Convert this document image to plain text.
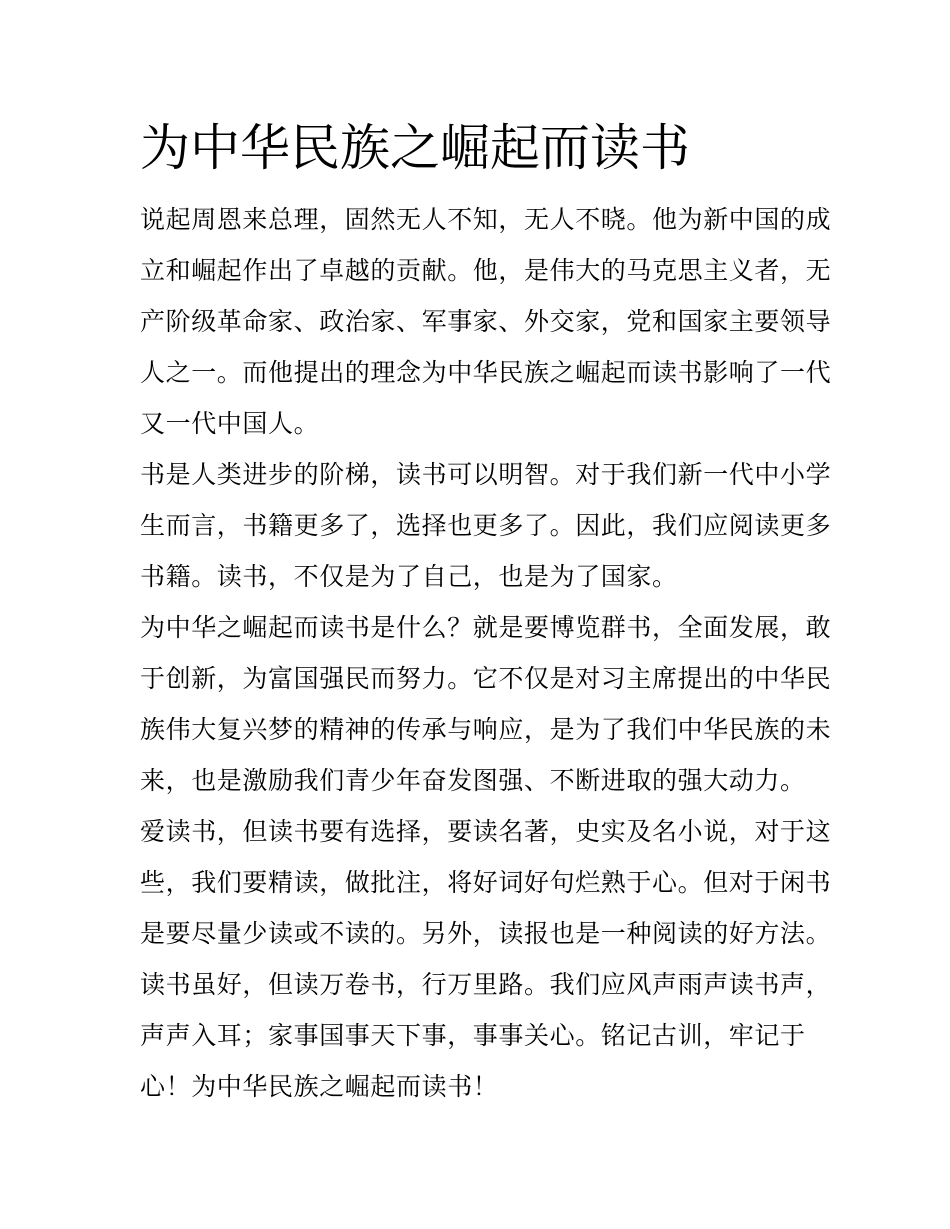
为中华民族之崛起而读书

说起周恩来总理，固然无人不知，无人不晓。他为新中国的成

立和崛起作出了卓越的贡献。他，是伟大的马克思主义者，无

产阶级革命家、政治家、军事家、外交家，党和国家主要领导

人之一。而他提出的理念为中华民族之崛起而读书影响了一代

又一代中国人。

书是人类进步的阶梯，读书可以明智。对于我们新一代中小学

生而言，书籍更多了，选择也更多了。因此，我们应阅读更多

书籍。读书，不仅是为了自己，也是为了国家。

为中华之崛起而读书是什么？就是要博览群书，全面发展，敢

于创新，为富国强民而努力。它不仅是对习主席提出的中华民

族伟大复兴梦的精神的传承与响应，是为了我们中华民族的未

来，也是激励我们青少年奋发图强、不断进取的强大动力。

爱读书，但读书要有选择，要读名著，史实及名小说，对于这

些，我们要精读，做批注，将好词好句烂熟于心。但对于闲书

是要尽量少读或不读的。另外，读报也是一种阅读的好方法。

读书虽好，但读万卷书，行万里路。我们应风声雨声读书声，

声声入耳；家事国事天下事，事事关心。铭记古训，牢记于

心！为中华民族之崛起而读书！
